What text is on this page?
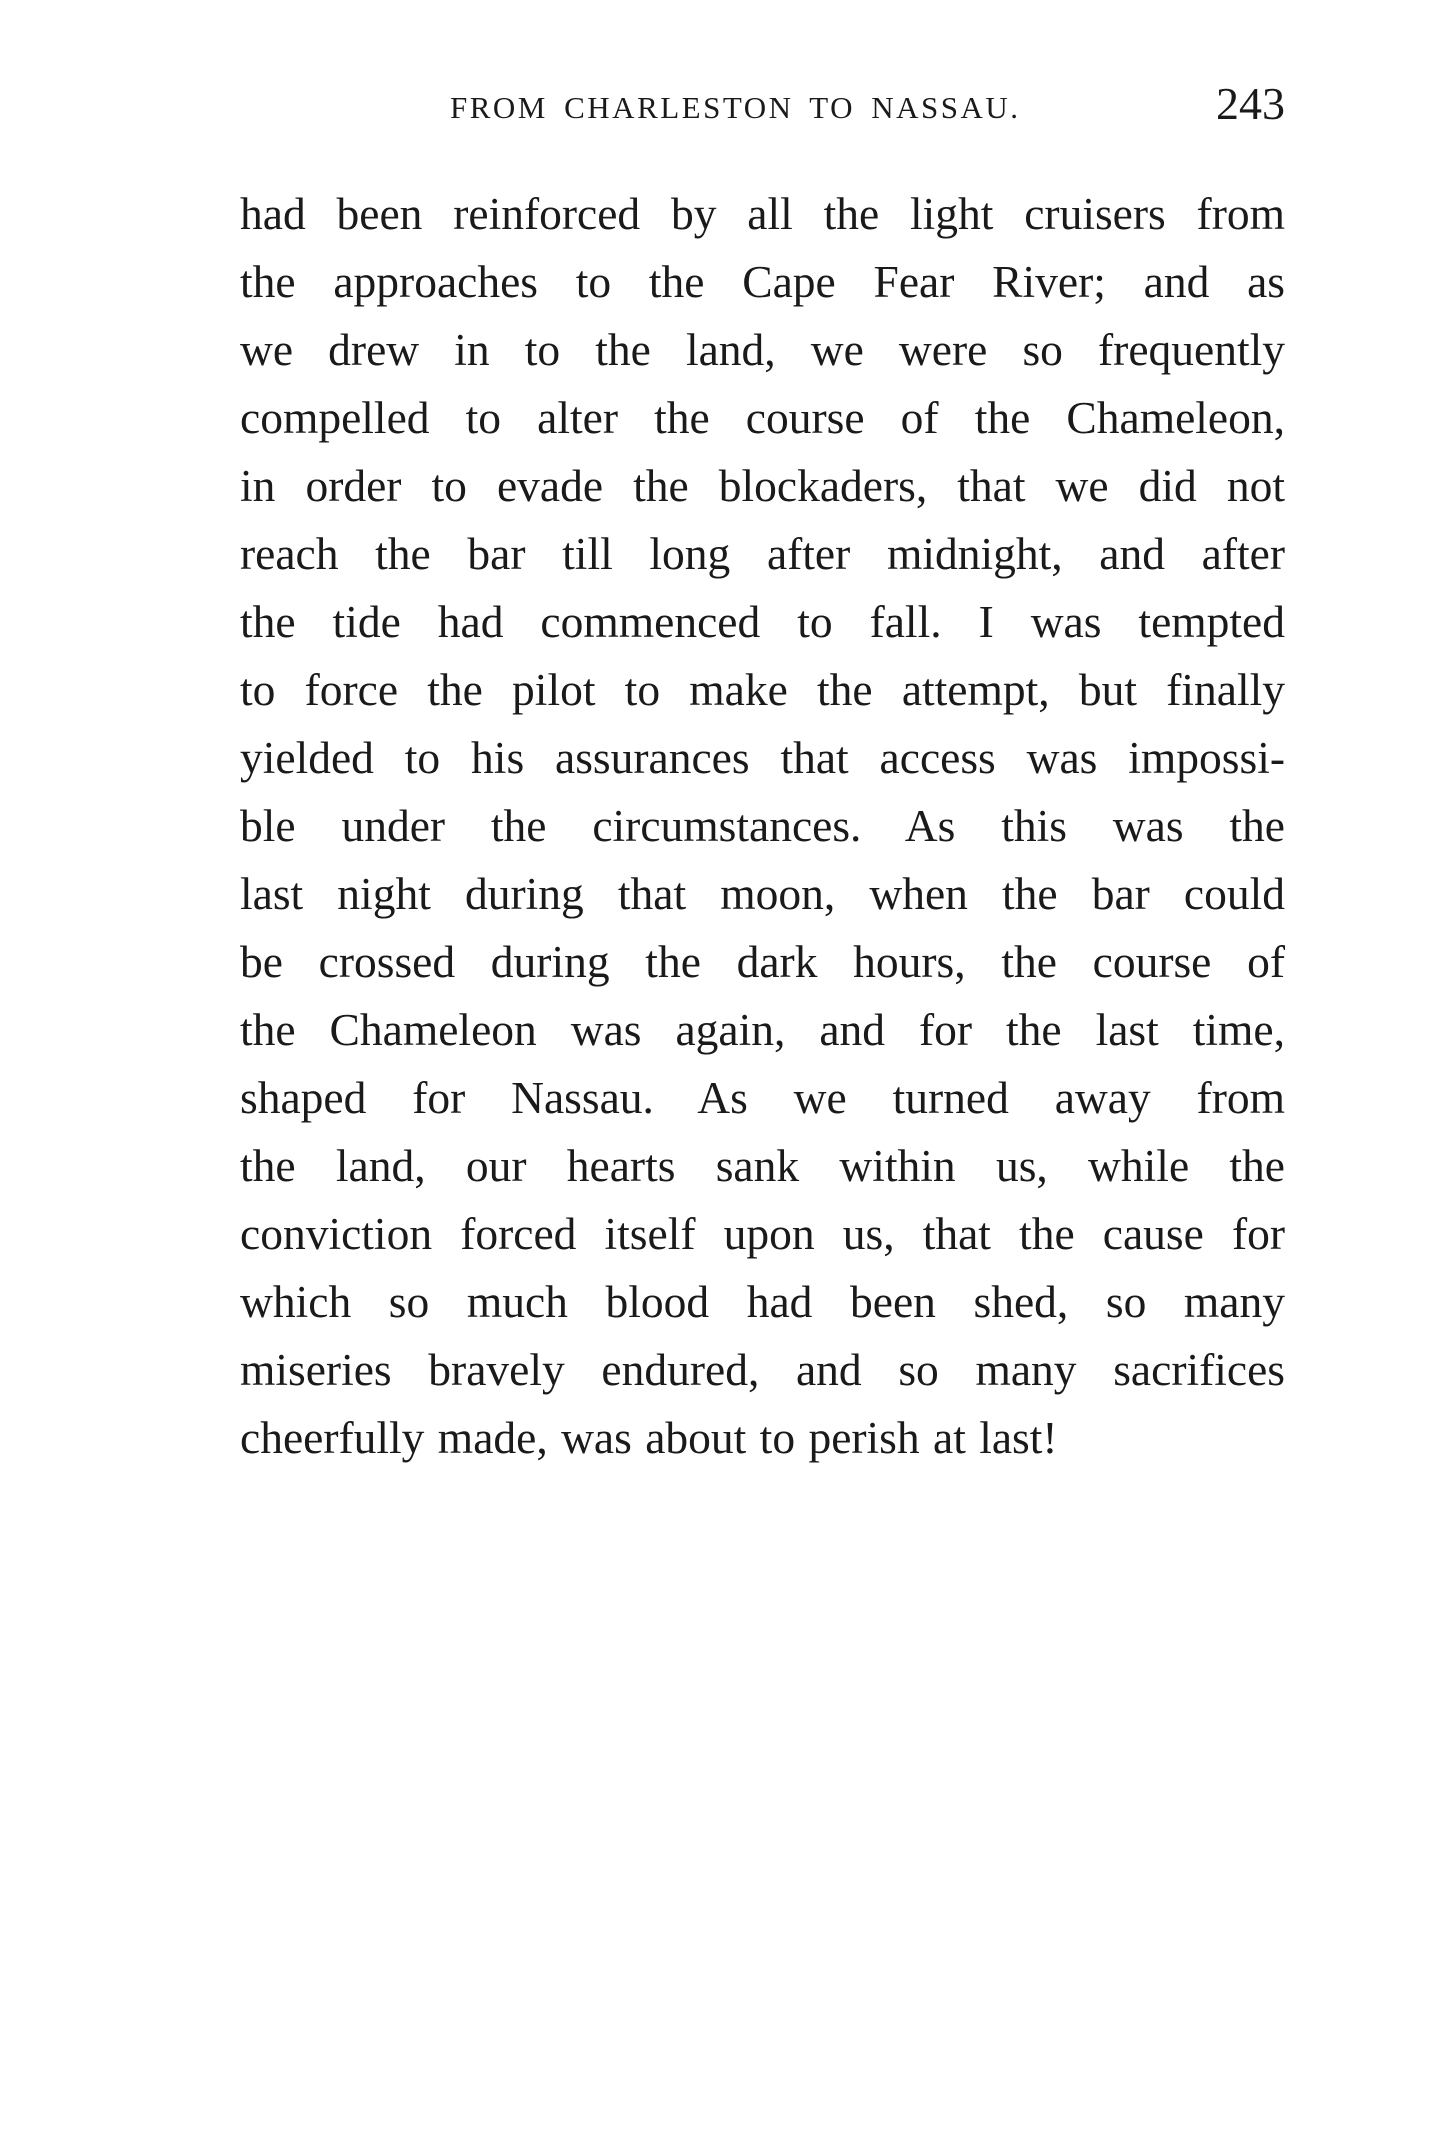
FROM CHARLESTON TO NASSAU.	243
had been reinforced by all the light cruisers from
the approaches to the Cape Fear River; and as
we drew in to the land, we were so frequently
compelled to alter the course of the Chameleon,
in order to evade the blockaders, that we did not
reach the bar till long after midnight, and after
the tide had commenced to fall. I was tempted
to force the pilot to make the attempt, but finally
yielded to his assurances that access was impossi-
ble under the circumstances. As this was the
last night during that moon, when the bar could
be crossed during the dark hours, the course of
the Chameleon was again, and for the last time,
shaped for Nassau. As we turned away from
the land, our hearts sank within us, while the
conviction forced itself upon us, that the cause for
which so much blood had been shed, so many
miseries bravely endured, and so many sacrifices
cheerfully made, was about to perish at last!
